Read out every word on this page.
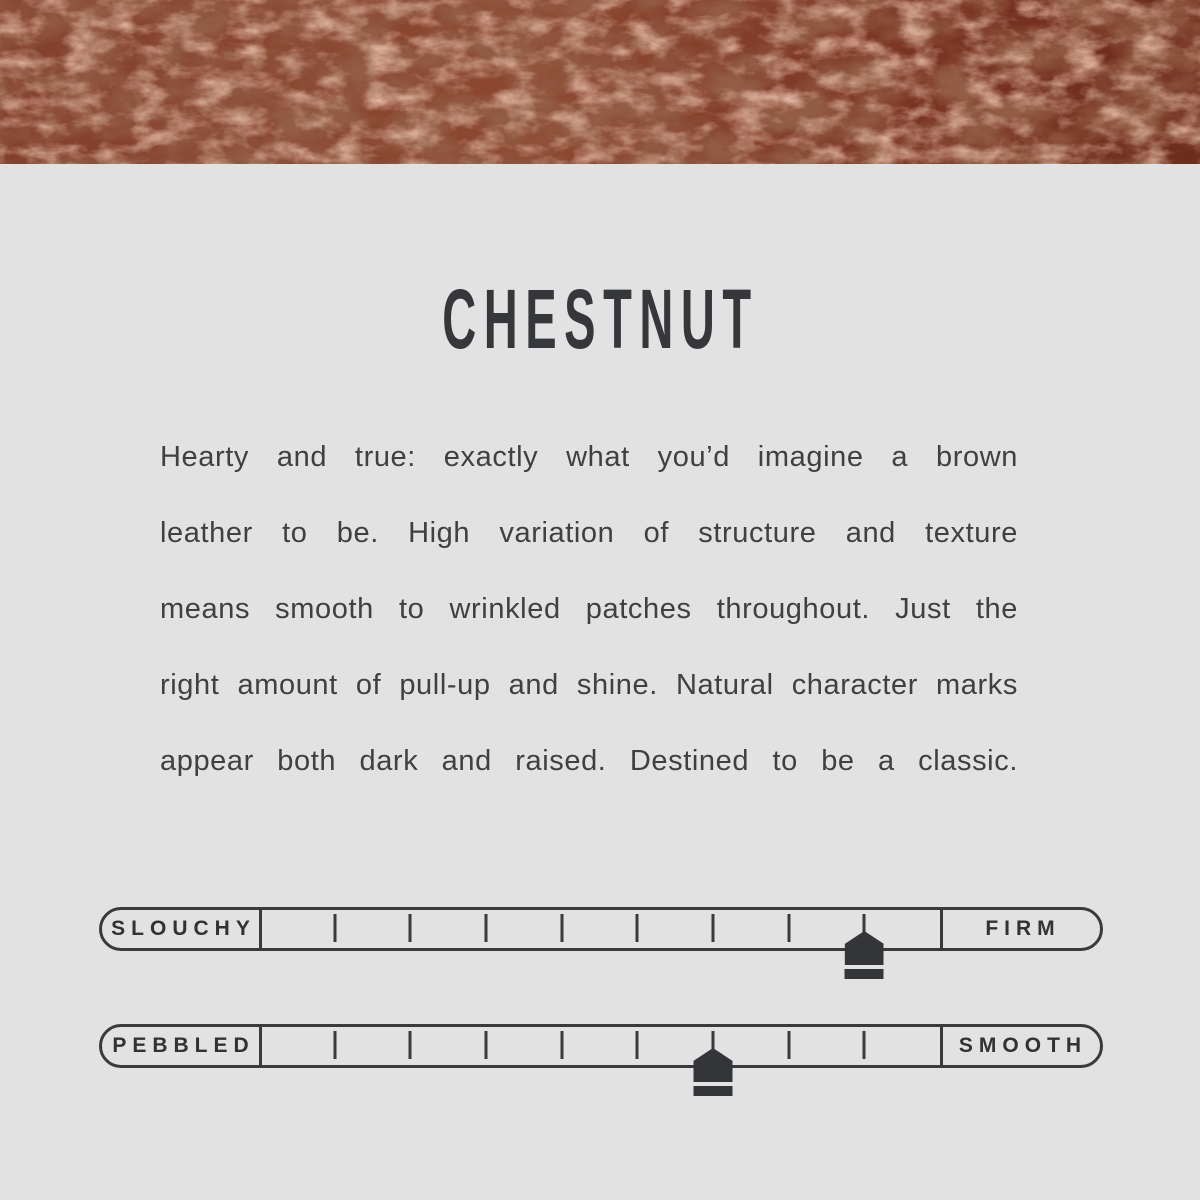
CHESTNUT
Hearty and true: exactly what you’d imagine a brown
leather to be. High variation of structure and texture
means smooth to wrinkled patches throughout. Just the
right amount of pull-up and shine. Natural character marks
appear both dark and raised. Destined to be a classic.
SLOUCHY	FIRM
PEBBLED	SMOOTH
